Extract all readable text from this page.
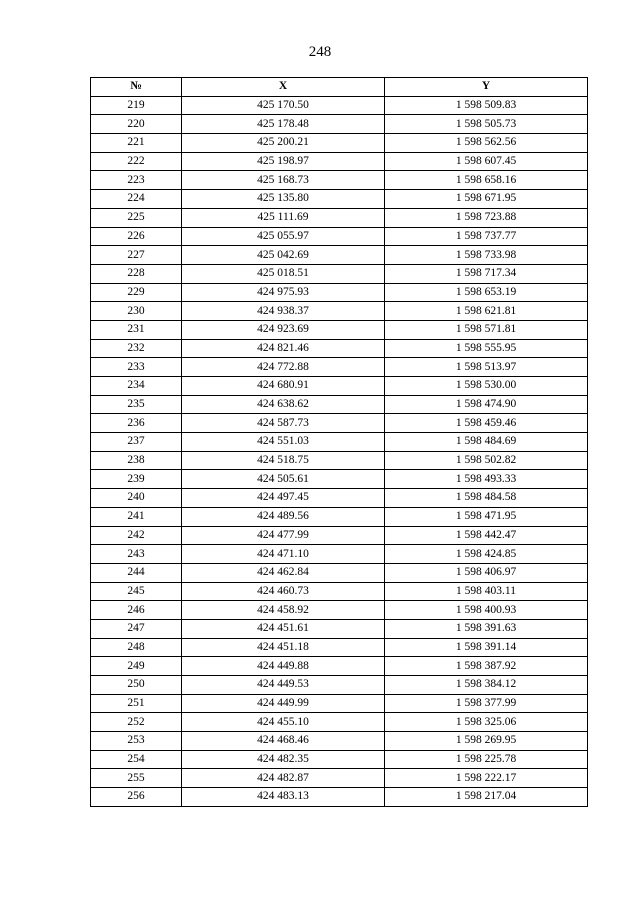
248
№	X	Y
219	425 170.50	1 598 509.83
220	425 178.48	1 598 505.73
221	425 200.21	1 598 562.56
222	425 198.97	1 598 607.45
223	425 168.73	1 598 658.16
224	425 135.80	1 598 671.95
225	425 111.69	1 598 723.88
226	425 055.97	1 598 737.77
227	425 042.69	1 598 733.98
228	425 018.51	1 598 717.34
229	424 975.93	1 598 653.19
230	424 938.37	1 598 621.81
231	424 923.69	1 598 571.81
232	424 821.46	1 598 555.95
233	424 772.88	1 598 513.97
234	424 680.91	1 598 530.00
235	424 638.62	1 598 474.90
236	424 587.73	1 598 459.46
237	424 551.03	1 598 484.69
238	424 518.75	1 598 502.82
239	424 505.61	1 598 493.33
240	424 497.45	1 598 484.58
241	424 489.56	1 598 471.95
242	424 477.99	1 598 442.47
243	424 471.10	1 598 424.85
244	424 462.84	1 598 406.97
245	424 460.73	1 598 403.11
246	424 458.92	1 598 400.93
247	424 451.61	1 598 391.63
248	424 451.18	1 598 391.14
249	424 449.88	1 598 387.92
250	424 449.53	1 598 384.12
251	424 449.99	1 598 377.99
252	424 455.10	1 598 325.06
253	424 468.46	1 598 269.95
254	424 482.35	1 598 225.78
255	424 482.87	1 598 222.17
256	424 483.13	1 598 217.04
